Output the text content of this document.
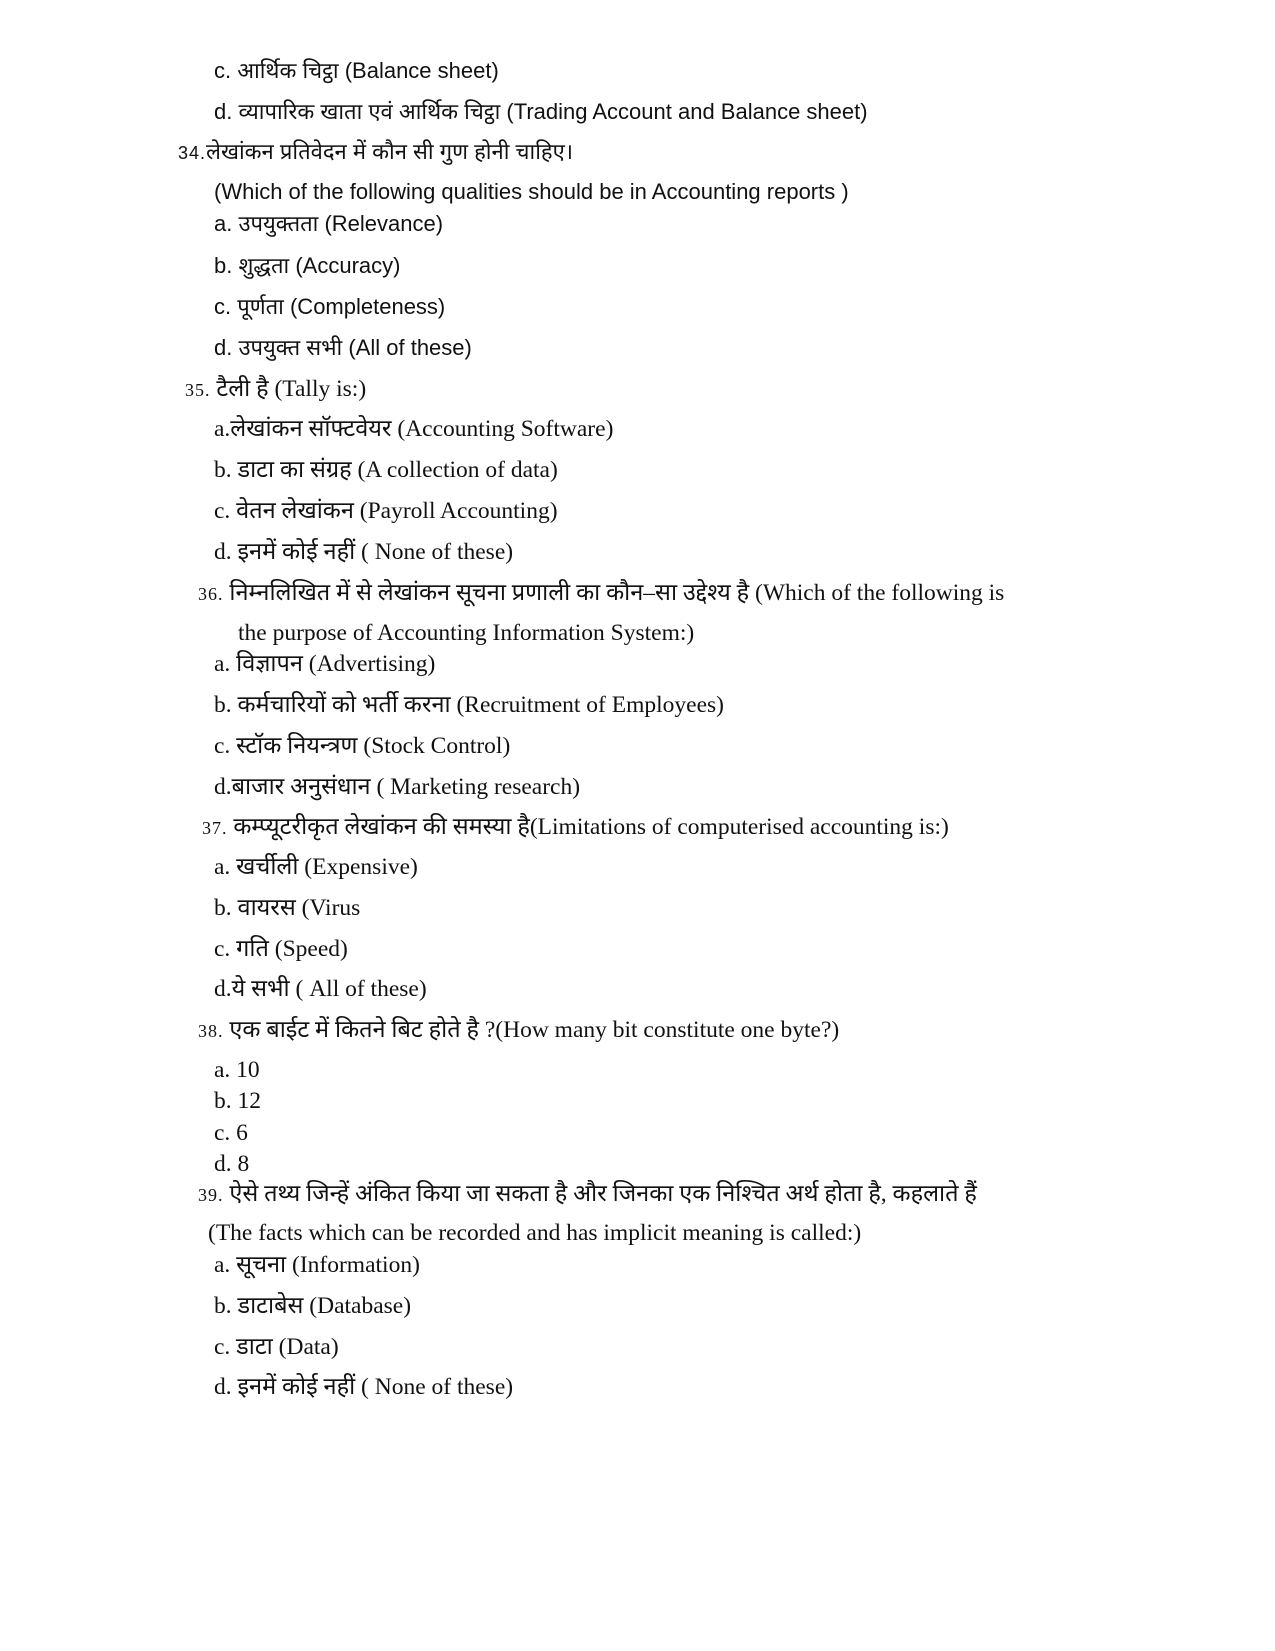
c. आर्थिक चिट्ठा (Balance sheet)
d. व्यापारिक खाता एवं आर्थिक चिट्ठा (Trading Account and Balance sheet)
34.लेखांकन प्रतिवेदन में कौन सी गुण होनी चाहिए।
(Which of the following qualities should be in Accounting reports )
a. उपयुक्तता (Relevance)
b. शुद्धता (Accuracy)
c. पूर्णता (Completeness)
d. उपयुक्त सभी (All of these)
35. टैली है (Tally is:)
a.लेखांकन सॉफ्टवेयर (Accounting Software)
b. डाटा का संग्रह (A collection of data)
c. वेतन लेखांकन (Payroll Accounting)
d. इनमें कोई नहीं ( None of these)
36. निम्नलिखित में से लेखांकन सूचना प्रणाली का कौन–सा उद्देश्य है (Which of the following is
the purpose of Accounting Information System:)
a. विज्ञापन (Advertising)
b. कर्मचारियों को भर्ती करना (Recruitment of Employees)
c. स्टॉक नियन्त्रण (Stock Control)
d.बाजार अनुसंधान ( Marketing research)
37. कम्प्यूटरीकृत लेखांकन की समस्या है(Limitations of computerised accounting is:)
a. खर्चीली (Expensive)
b. वायरस (Virus
c. गति (Speed)
d.ये सभी ( All of these)
38. एक बाईट में कितने बिट होते है ?(How many bit constitute one byte?)
a. 10
b. 12
c. 6
d. 8
39. ऐसे तथ्य जिन्हें अंकित किया जा सकता है और जिनका एक निश्चित अर्थ होता है, कहलाते हैं
(The facts which can be recorded and has implicit meaning is called:)
a. सूचना (Information)
b. डाटाबेस (Database)
c. डाटा (Data)
d. इनमें कोई नहीं ( None of these)
